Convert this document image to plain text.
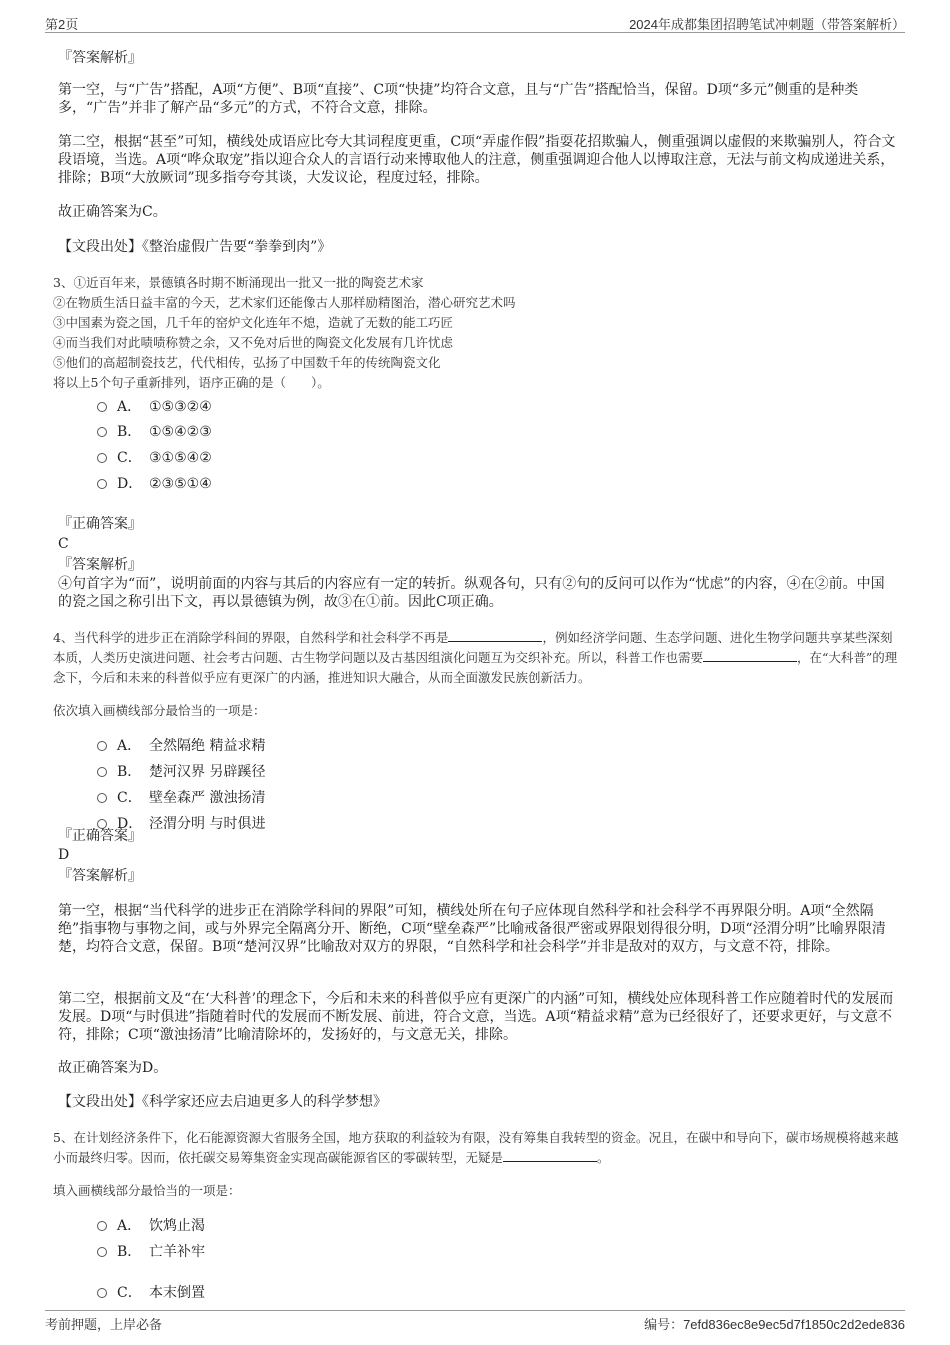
第2页	2024年成都集团招聘笔试冲刺题（带答案解析）
『答案解析』
第一空，与“广告”搭配，A项“方便”、B项“直接”、C项“快捷”均符合文意，且与“广告”搭配恰当，保留。D项“多元”侧重的是种类多，“广告”并非了解产品“多元”的方式，不符合文意，排除。
第二空，根据“甚至”可知，横线处成语应比夸大其词程度更重，C项“弄虚作假”指耍花招欺骗人，侧重强调以虚假的来欺骗别人，符合文段语境，当选。A项“哗众取宠”指以迎合众人的言语行动来博取他人的注意，侧重强调迎合他人以博取注意，无法与前文构成递进关系，排除；B项“大放厥词”现多指夸夸其谈，大发议论，程度过轻，排除。
故正确答案为C。
【文段出处】《整治虚假广告要“拳拳到肉”》
3、①近百年来，景德镇各时期不断涌现出一批又一批的陶瓷艺术家
②在物质生活日益丰富的今天，艺术家们还能像古人那样励精图治，潜心研究艺术吗
③中国素为瓷之国，几千年的窑炉文化连年不熄，造就了无数的能工巧匠
④而当我们对此啧啧称赞之余，又不免对后世的陶瓷文化发展有几许忧虑
⑤他们的高超制瓷技艺，代代相传，弘扬了中国数千年的传统陶瓷文化
将以上5个句子重新排列，语序正确的是（　　）。
A． ①⑤③②④
B． ①⑤④②③
C． ③①⑤④②
D． ②③⑤①④
『正确答案』
C
『答案解析』
④句首字为“而”，说明前面的内容与其后的内容应有一定的转折。纵观各句，只有②句的反问可以作为“忧虑”的内容，④在②前。中国的瓷之国之称引出下文，再以景德镇为例，故③在①前。因此C项正确。
4、当代科学的进步正在消除学科间的界限，自然科学和社会科学不再是	，例如经济学问题、生态学问题、进化生物学问题共享某些深刻本质，人类历史演进问题、社会考古问题、古生物学问题以及古基因组演化问题互为交织补充。所以，科普工作也需要	，在“大科普”的理念下，今后和未来的科普似乎应有更深广的内涵，推进知识大融合，从而全面激发民族创新活力。
依次填入画横线部分最恰当的一项是：
A． 全然隔绝 精益求精
B． 楚河汉界 另辟蹊径
C． 壁垒森严 激浊扬清
D． 泾渭分明 与时俱进
『正确答案』
D
『答案解析』
第一空，根据“当代科学的进步正在消除学科间的界限”可知，横线处所在句子应体现自然科学和社会科学不再界限分明。A项“全然隔绝”指事物与事物之间，或与外界完全隔离分开、断绝，C项“壁垒森严”比喻戒备很严密或界限划得很分明，D项“泾渭分明”比喻界限清楚，均符合文意，保留。B项“楚河汉界”比喻敌对双方的界限，“自然科学和社会科学”并非是敌对的双方，与文意不符，排除。
第二空，根据前文及“在‘大科普’的理念下，今后和未来的科普似乎应有更深广的内涵”可知，横线处应体现科普工作应随着时代的发展而发展。D项“与时俱进”指随着时代的发展而不断发展、前进，符合文意，当选。A项“精益求精”意为已经很好了，还要求更好，与文意不符，排除；C项“激浊扬清”比喻清除坏的，发扬好的，与文意无关，排除。
故正确答案为D。
【文段出处】《科学家还应去启迪更多人的科学梦想》
5、在计划经济条件下，化石能源资源大省服务全国，地方获取的利益较为有限，没有筹集自我转型的资金。况且，在碳中和导向下，碳市场规模将越来越小而最终归零。因而，依托碳交易筹集资金实现高碳能源省区的零碳转型，无疑是	。
填入画横线部分最恰当的一项是：
A． 饮鸩止渴
B． 亡羊补牢
C． 本末倒置
考前押题，上岸必备	编号：7efd836ec8e9ec5d7f1850c2d2ede836
